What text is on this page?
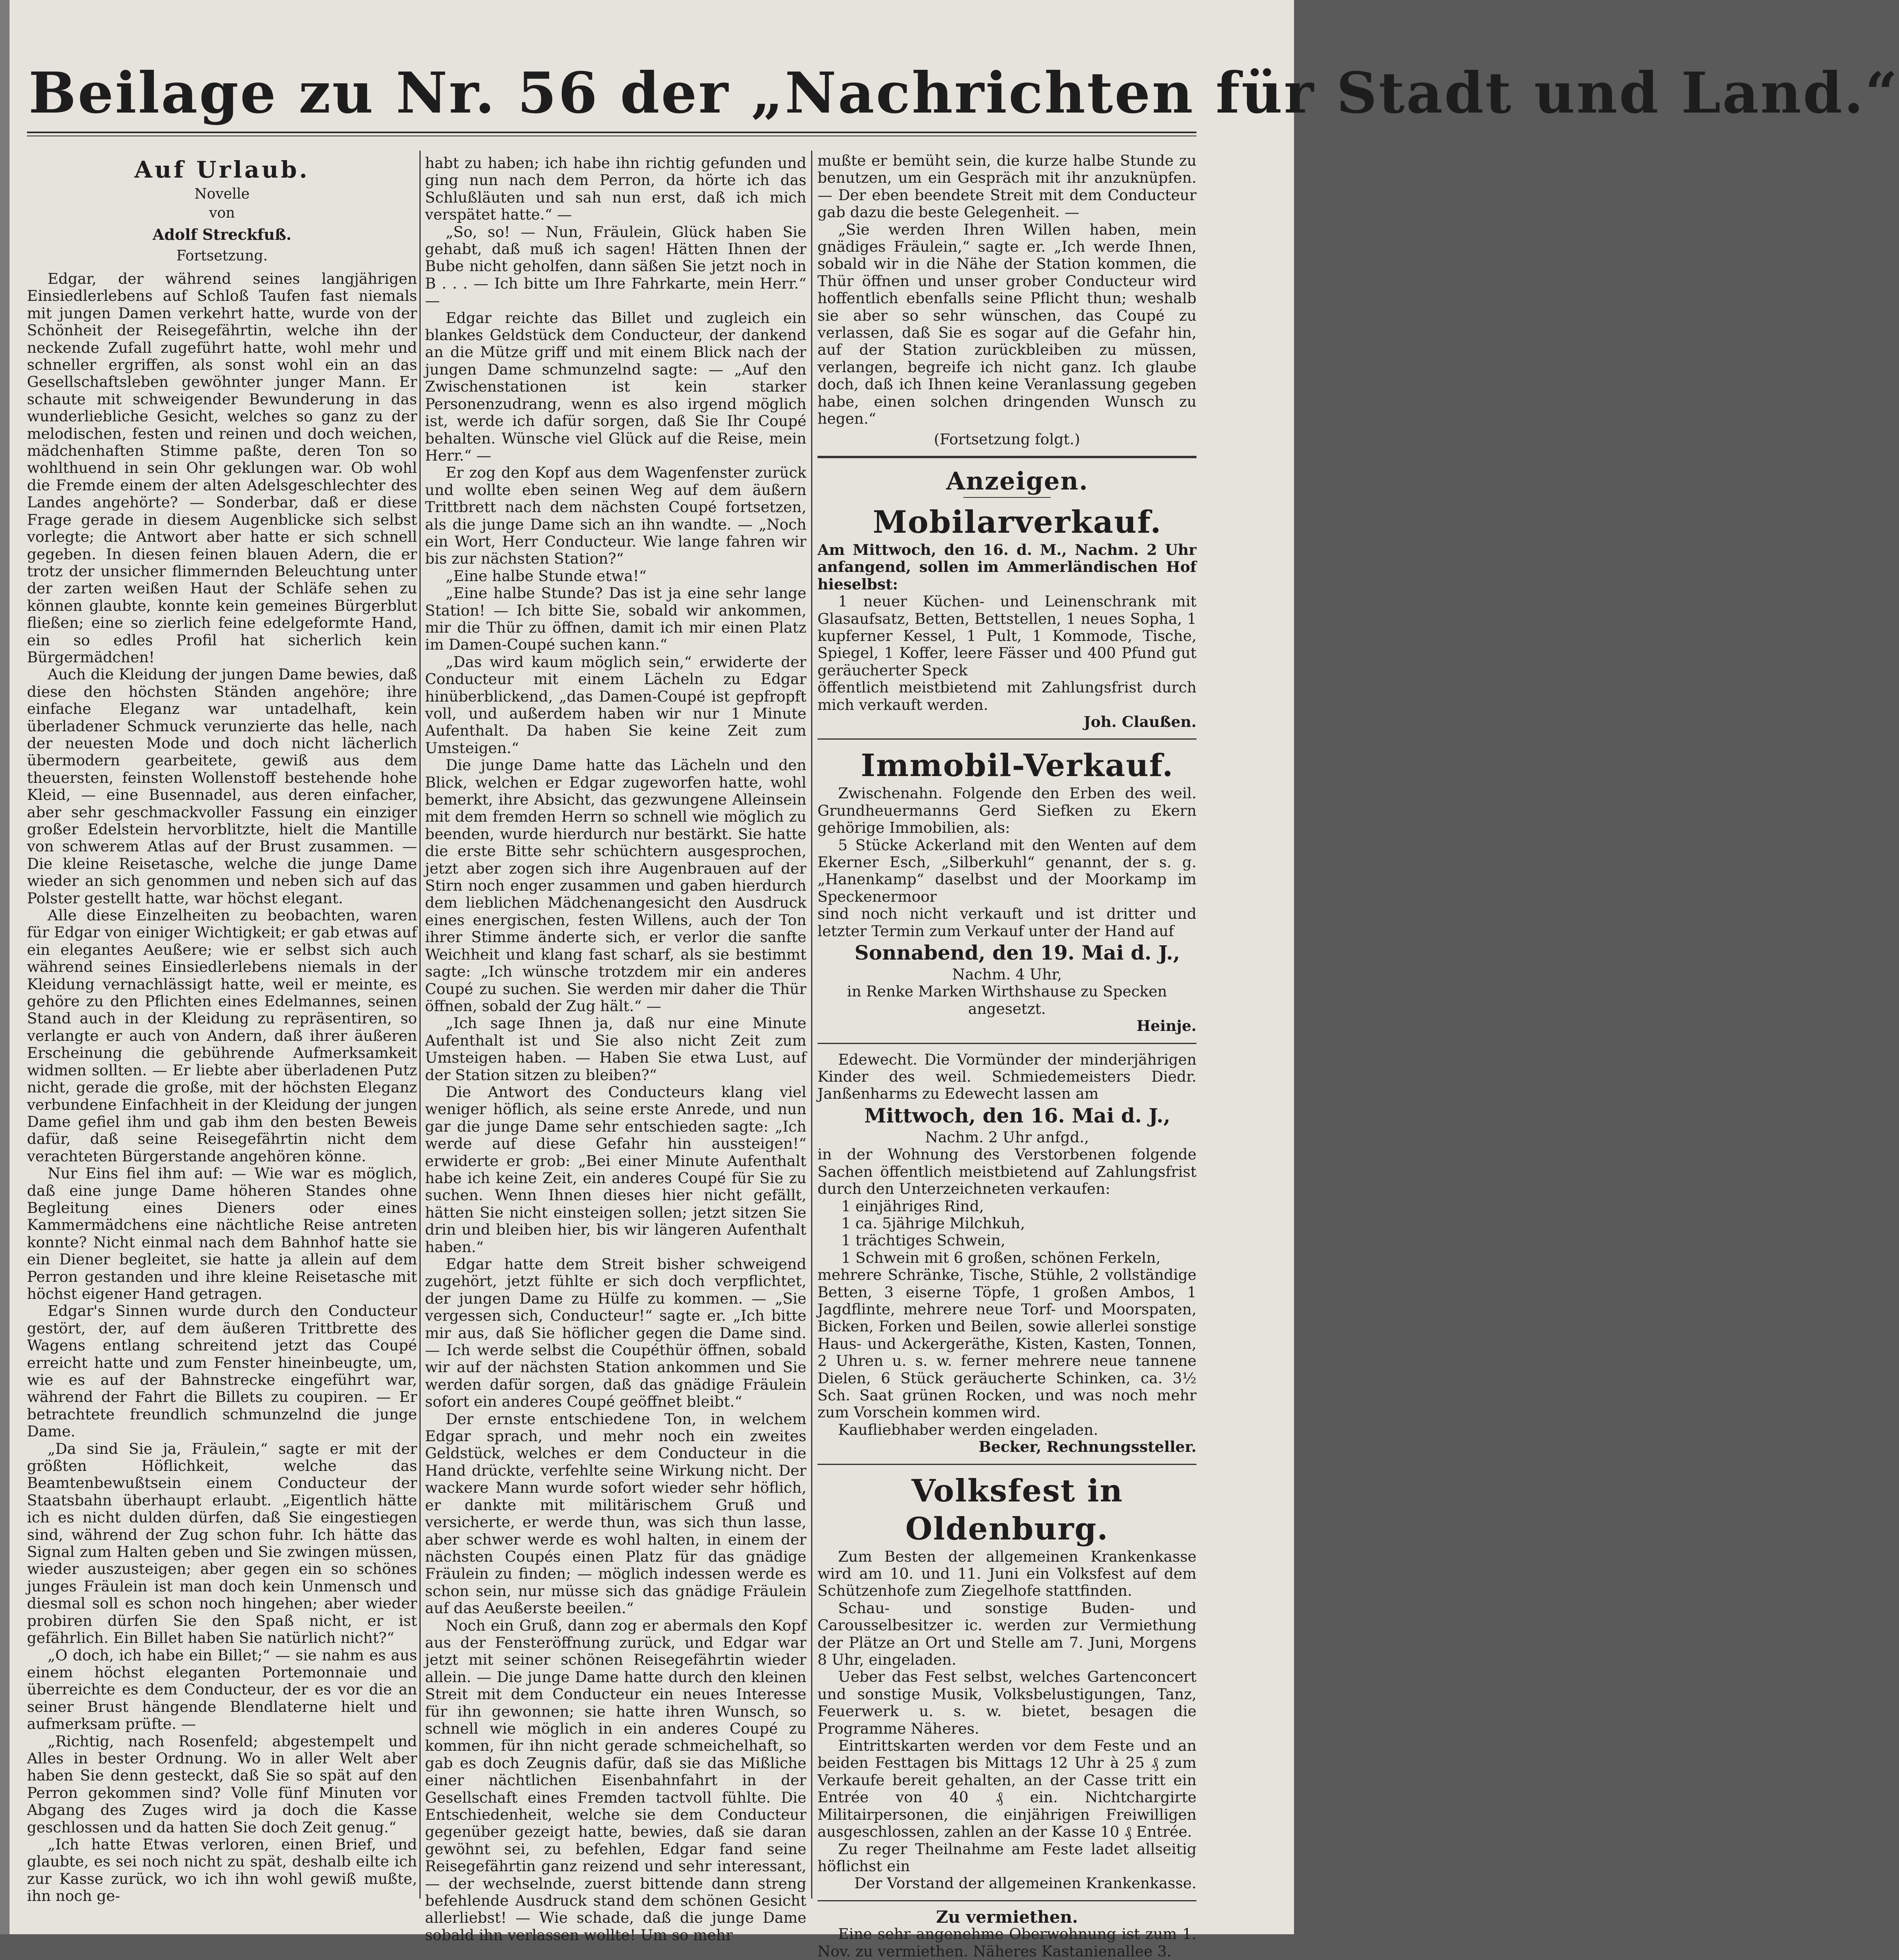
Beilage zu Nr. 56 der „Nachrichten für Stadt und Land.“

Auf Urlaub.

Novelle

von

Adolf Streckfuß.

Fortsetzung.

Edgar, der während seines langjährigen Einsiedlerlebens auf Schloß Taufen fast niemals mit jungen Damen verkehrt hatte, wurde von der Schönheit der Reisegefährtin, welche ihn der neckende Zufall zugeführt hatte, wohl mehr und schneller ergriffen, als sonst wohl ein an das Gesellschaftsleben gewöhnter junger Mann. Er schaute mit schweigender Bewunderung in das wunderliebliche Gesicht, welches so ganz zu der melodischen, festen und reinen und doch weichen, mädchenhaften Stimme paßte, deren Ton so wohlthuend in sein Ohr geklungen war. Ob wohl die Fremde einem der alten Adelsgeschlechter des Landes angehörte? — Sonderbar, daß er diese Frage gerade in diesem Augenblicke sich selbst vorlegte; die Antwort aber hatte er sich schnell gegeben. In diesen feinen blauen Adern, die er trotz der unsicher flimmernden Beleuchtung unter der zarten weißen Haut der Schläfe sehen zu können glaubte, konnte kein gemeines Bürgerblut fließen; eine so zierlich feine edelgeformte Hand, ein so edles Profil hat sicherlich kein Bürgermädchen!

Auch die Kleidung der jungen Dame bewies, daß diese den höchsten Ständen angehöre; ihre einfache Eleganz war untadelhaft, kein überladener Schmuck verunzierte das helle, nach der neuesten Mode und doch nicht lächerlich übermodern gearbeitete, gewiß aus dem theuersten, feinsten Wollenstoff bestehende hohe Kleid, — eine Busennadel, aus deren einfacher, aber sehr geschmackvoller Fassung ein einziger großer Edelstein hervorblitzte, hielt die Mantille von schwerem Atlas auf der Brust zusammen. — Die kleine Reisetasche, welche die junge Dame wieder an sich genommen und neben sich auf das Polster gestellt hatte, war höchst elegant.

Alle diese Einzelheiten zu beobachten, waren für Edgar von einiger Wichtigkeit; er gab etwas auf ein elegantes Aeußere; wie er selbst sich auch während seines Einsiedlerlebens niemals in der Kleidung vernachlässigt hatte, weil er meinte, es gehöre zu den Pflichten eines Edelmannes, seinen Stand auch in der Kleidung zu repräsentiren, so verlangte er auch von Andern, daß ihrer äußeren Erscheinung die gebührende Aufmerksamkeit widmen sollten. — Er liebte aber überladenen Putz nicht, gerade die große, mit der höchsten Eleganz verbundene Einfachheit in der Kleidung der jungen Dame gefiel ihm und gab ihm den besten Beweis dafür, daß seine Reisegefährtin nicht dem verachteten Bürgerstande angehören könne.

Nur Eins fiel ihm auf: — Wie war es möglich, daß eine junge Dame höheren Standes ohne Begleitung eines Dieners oder eines Kammermädchens eine nächtliche Reise antreten konnte? Nicht einmal nach dem Bahnhof hatte sie ein Diener begleitet, sie hatte ja allein auf dem Perron gestanden und ihre kleine Reisetasche mit höchst eigener Hand getragen.

Edgar's Sinnen wurde durch den Conducteur gestört, der, auf dem äußeren Trittbrette des Wagens entlang schreitend jetzt das Coupé erreicht hatte und zum Fenster hineinbeugte, um, wie es auf der Bahnstrecke eingeführt war, während der Fahrt die Billets zu coupiren. — Er betrachtete freundlich schmunzelnd die junge Dame.

„Da sind Sie ja, Fräulein,“ sagte er mit der größten Höflichkeit, welche das Beamtenbewußtsein einem Conducteur der Staatsbahn überhaupt erlaubt. „Eigentlich hätte ich es nicht dulden dürfen, daß Sie eingestiegen sind, während der Zug schon fuhr. Ich hätte das Signal zum Halten geben und Sie zwingen müssen, wieder auszusteigen; aber gegen ein so schönes junges Fräulein ist man doch kein Unmensch und diesmal soll es schon noch hingehen; aber wieder probiren dürfen Sie den Spaß nicht, er ist gefährlich. Ein Billet haben Sie natürlich nicht?“

„O doch, ich habe ein Billet;“ — sie nahm es aus einem höchst eleganten Portemonnaie und überreichte es dem Conducteur, der es vor die an seiner Brust hängende Blendlaterne hielt und aufmerksam prüfte. —

„Richtig, nach Rosenfeld; abgestempelt und Alles in bester Ordnung. Wo in aller Welt aber haben Sie denn gesteckt, daß Sie so spät auf den Perron gekommen sind? Volle fünf Minuten vor Abgang des Zuges wird ja doch die Kasse geschlossen und da hatten Sie doch Zeit genug.“

„Ich hatte Etwas verloren, einen Brief, und glaubte, es sei noch nicht zu spät, deshalb eilte ich zur Kasse zurück, wo ich ihn wohl gewiß mußte, ihn noch ge-

habt zu haben; ich habe ihn richtig gefunden und ging nun nach dem Perron, da hörte ich das Schlußläuten und sah nun erst, daß ich mich verspätet hatte.“ —

„So, so! — Nun, Fräulein, Glück haben Sie gehabt, daß muß ich sagen! Hätten Ihnen der Bube nicht geholfen, dann säßen Sie jetzt noch in B . . . — Ich bitte um Ihre Fahrkarte, mein Herr.“ —

Edgar reichte das Billet und zugleich ein blankes Geldstück dem Conducteur, der dankend an die Mütze griff und mit einem Blick nach der jungen Dame schmunzelnd sagte: — „Auf den Zwischenstationen ist kein starker Personenzudrang, wenn es also irgend möglich ist, werde ich dafür sorgen, daß Sie Ihr Coupé behalten. Wünsche viel Glück auf die Reise, mein Herr.“ —

Er zog den Kopf aus dem Wagenfenster zurück und wollte eben seinen Weg auf dem äußern Trittbrett nach dem nächsten Coupé fortsetzen, als die junge Dame sich an ihn wandte. — „Noch ein Wort, Herr Conducteur. Wie lange fahren wir bis zur nächsten Station?“

„Eine halbe Stunde etwa!“

„Eine halbe Stunde? Das ist ja eine sehr lange Station! — Ich bitte Sie, sobald wir ankommen, mir die Thür zu öffnen, damit ich mir einen Platz im Damen-Coupé suchen kann.“

„Das wird kaum möglich sein,“ erwiderte der Conducteur mit einem Lächeln zu Edgar hinüberblickend, „das Damen-Coupé ist gepfropft voll, und außerdem haben wir nur 1 Minute Aufenthalt. Da haben Sie keine Zeit zum Umsteigen.“

Die junge Dame hatte das Lächeln und den Blick, welchen er Edgar zugeworfen hatte, wohl bemerkt, ihre Absicht, das gezwungene Alleinsein mit dem fremden Herrn so schnell wie möglich zu beenden, wurde hierdurch nur bestärkt. Sie hatte die erste Bitte sehr schüchtern ausgesprochen, jetzt aber zogen sich ihre Augenbrauen auf der Stirn noch enger zusammen und gaben hierdurch dem lieblichen Mädchenangesicht den Ausdruck eines energischen, festen Willens, auch der Ton ihrer Stimme änderte sich, er verlor die sanfte Weichheit und klang fast scharf, als sie bestimmt sagte: „Ich wünsche trotzdem mir ein anderes Coupé zu suchen. Sie werden mir daher die Thür öffnen, sobald der Zug hält.“ —

„Ich sage Ihnen ja, daß nur eine Minute Aufenthalt ist und Sie also nicht Zeit zum Umsteigen haben. — Haben Sie etwa Lust, auf der Station sitzen zu bleiben?“

Die Antwort des Conducteurs klang viel weniger höflich, als seine erste Anrede, und nun gar die junge Dame sehr entschieden sagte: „Ich werde auf diese Gefahr hin aussteigen!“ erwiderte er grob: „Bei einer Minute Aufenthalt habe ich keine Zeit, ein anderes Coupé für Sie zu suchen. Wenn Ihnen dieses hier nicht gefällt, hätten Sie nicht einsteigen sollen; jetzt sitzen Sie drin und bleiben hier, bis wir längeren Aufenthalt haben.“

Edgar hatte dem Streit bisher schweigend zugehört, jetzt fühlte er sich doch verpflichtet, der jungen Dame zu Hülfe zu kommen. — „Sie vergessen sich, Conducteur!“ sagte er. „Ich bitte mir aus, daß Sie höflicher gegen die Dame sind. — Ich werde selbst die Coupéthür öffnen, sobald wir auf der nächsten Station ankommen und Sie werden dafür sorgen, daß das gnädige Fräulein sofort ein anderes Coupé geöffnet bleibt.“

Der ernste entschiedene Ton, in welchem Edgar sprach, und mehr noch ein zweites Geldstück, welches er dem Conducteur in die Hand drückte, verfehlte seine Wirkung nicht. Der wackere Mann wurde sofort wieder sehr höflich, er dankte mit militärischem Gruß und versicherte, er werde thun, was sich thun lasse, aber schwer werde es wohl halten, in einem der nächsten Coupés einen Platz für das gnädige Fräulein zu finden; — möglich indessen werde es schon sein, nur müsse sich das gnädige Fräulein auf das Aeußerste beeilen.“

Noch ein Gruß, dann zog er abermals den Kopf aus der Fensteröffnung zurück, und Edgar war jetzt mit seiner schönen Reisegefährtin wieder allein. — Die junge Dame hatte durch den kleinen Streit mit dem Conducteur ein neues Interesse für ihn gewonnen; sie hatte ihren Wunsch, so schnell wie möglich in ein anderes Coupé zu kommen, für ihn nicht gerade schmeichelhaft, so gab es doch Zeugnis dafür, daß sie das Mißliche einer nächtlichen Eisenbahnfahrt in der Gesellschaft eines Fremden tactvoll fühlte. Die Entschiedenheit, welche sie dem Conducteur gegenüber gezeigt hatte, bewies, daß sie daran gewöhnt sei, zu befehlen, Edgar fand seine Reisegefährtin ganz reizend und sehr interessant, — der wechselnde, zuerst bittende dann streng befehlende Ausdruck stand dem schönen Gesicht allerliebst! — Wie schade, daß die junge Dame sobald ihn verlassen wollte! Um so mehr

mußte er bemüht sein, die kurze halbe Stunde zu benutzen, um ein Gespräch mit ihr anzuknüpfen. — Der eben beendete Streit mit dem Conducteur gab dazu die beste Gelegenheit. —

„Sie werden Ihren Willen haben, mein gnädiges Fräulein,“ sagte er. „Ich werde Ihnen, sobald wir in die Nähe der Station kommen, die Thür öffnen und unser grober Conducteur wird hoffentlich ebenfalls seine Pflicht thun; weshalb sie aber so sehr wünschen, das Coupé zu verlassen, daß Sie es sogar auf die Gefahr hin, auf der Station zurückbleiben zu müssen, verlangen, begreife ich nicht ganz. Ich glaube doch, daß ich Ihnen keine Veranlassung gegeben habe, einen solchen dringenden Wunsch zu hegen.“

(Fortsetzung folgt.)

Anzeigen.

Mobilarverkauf.

Am Mittwoch, den 16. d. M., Nachm. 2 Uhr anfangend, sollen im Ammerländischen Hof hieselbst:

1 neuer Küchen- und Leinenschrank mit Glasaufsatz, Betten, Bettstellen, 1 neues Sopha, 1 kupferner Kessel, 1 Pult, 1 Kommode, Tische, Spiegel, 1 Koffer, leere Fässer und 400 Pfund gut geräucherter Speck

öffentlich meistbietend mit Zahlungsfrist durch mich verkauft werden.

Joh. Claußen.

Immobil-Verkauf.

Zwischenahn. Folgende den Erben des weil. Grundheuermanns Gerd Siefken zu Ekern gehörige Immobilien, als:

5 Stücke Ackerland mit den Wenten auf dem Ekerner Esch, „Silberkuhl“ genannt, der s. g. „Hanenkamp“ daselbst und der Moorkamp im Speckenermoor

sind noch nicht verkauft und ist dritter und letzter Termin zum Verkauf unter der Hand auf

Sonnabend, den 19. Mai d. J.,

Nachm. 4 Uhr,

in Renke Marken Wirthshause zu Specken angesetzt.

Heinje.

Edewecht. Die Vormünder der minderjährigen Kinder des weil. Schmiedemeisters Diedr. Janßenharms zu Edewecht lassen am

Mittwoch, den 16. Mai d. J.,

Nachm. 2 Uhr anfgd.,

in der Wohnung des Verstorbenen folgende Sachen öffentlich meistbietend auf Zahlungsfrist durch den Unterzeichneten verkaufen:

1 einjähriges Rind,

1 ca. 5jährige Milchkuh,

1 trächtiges Schwein,

1 Schwein mit 6 großen, schönen Ferkeln,

mehrere Schränke, Tische, Stühle, 2 vollständige Betten, 3 eiserne Töpfe, 1 großen Ambos, 1 Jagdflinte, mehrere neue Torf- und Moorspaten, Bicken, Forken und Beilen, sowie allerlei sonstige Haus- und Ackergeräthe, Kisten, Kasten, Tonnen, 2 Uhren u. s. w. ferner mehrere neue tannene Dielen, 6 Stück geräucherte Schinken, ca. 3½ Sch. Saat grünen Rocken, und was noch mehr zum Vorschein kommen wird.

Kaufliebhaber werden eingeladen.

Becker, Rechnungssteller.

Volksfest in Oldenburg.

Zum Besten der allgemeinen Krankenkasse wird am 10. und 11. Juni ein Volksfest auf dem Schützenhofe zum Ziegelhofe stattfinden.

Schau- und sonstige Buden- und Carousselbesitzer ic. werden zur Vermiethung der Plätze an Ort und Stelle am 7. Juni, Morgens 8 Uhr, eingeladen.

Ueber das Fest selbst, welches Gartenconcert und sonstige Musik, Volksbelustigungen, Tanz, Feuerwerk u. s. w. bietet, besagen die Programme Näheres.

Eintrittskarten werden vor dem Feste und an beiden Festtagen bis Mittags 12 Uhr à 25 ₰ zum Verkaufe bereit gehalten, an der Casse tritt ein Entrée von 40 ₰ ein. Nichtchargirte Militairpersonen, die einjährigen Freiwilligen ausgeschlossen, zahlen an der Kasse 10 ₰ Entrée.

Zu reger Theilnahme am Feste ladet allseitig höflichst ein

Der Vorstand der allgemeinen Krankenkasse.

Zu vermiethen.

Eine sehr angenehme Oberwohnung ist zum 1. Nov. zu vermiethen. Näheres Kastanienallee 3.
